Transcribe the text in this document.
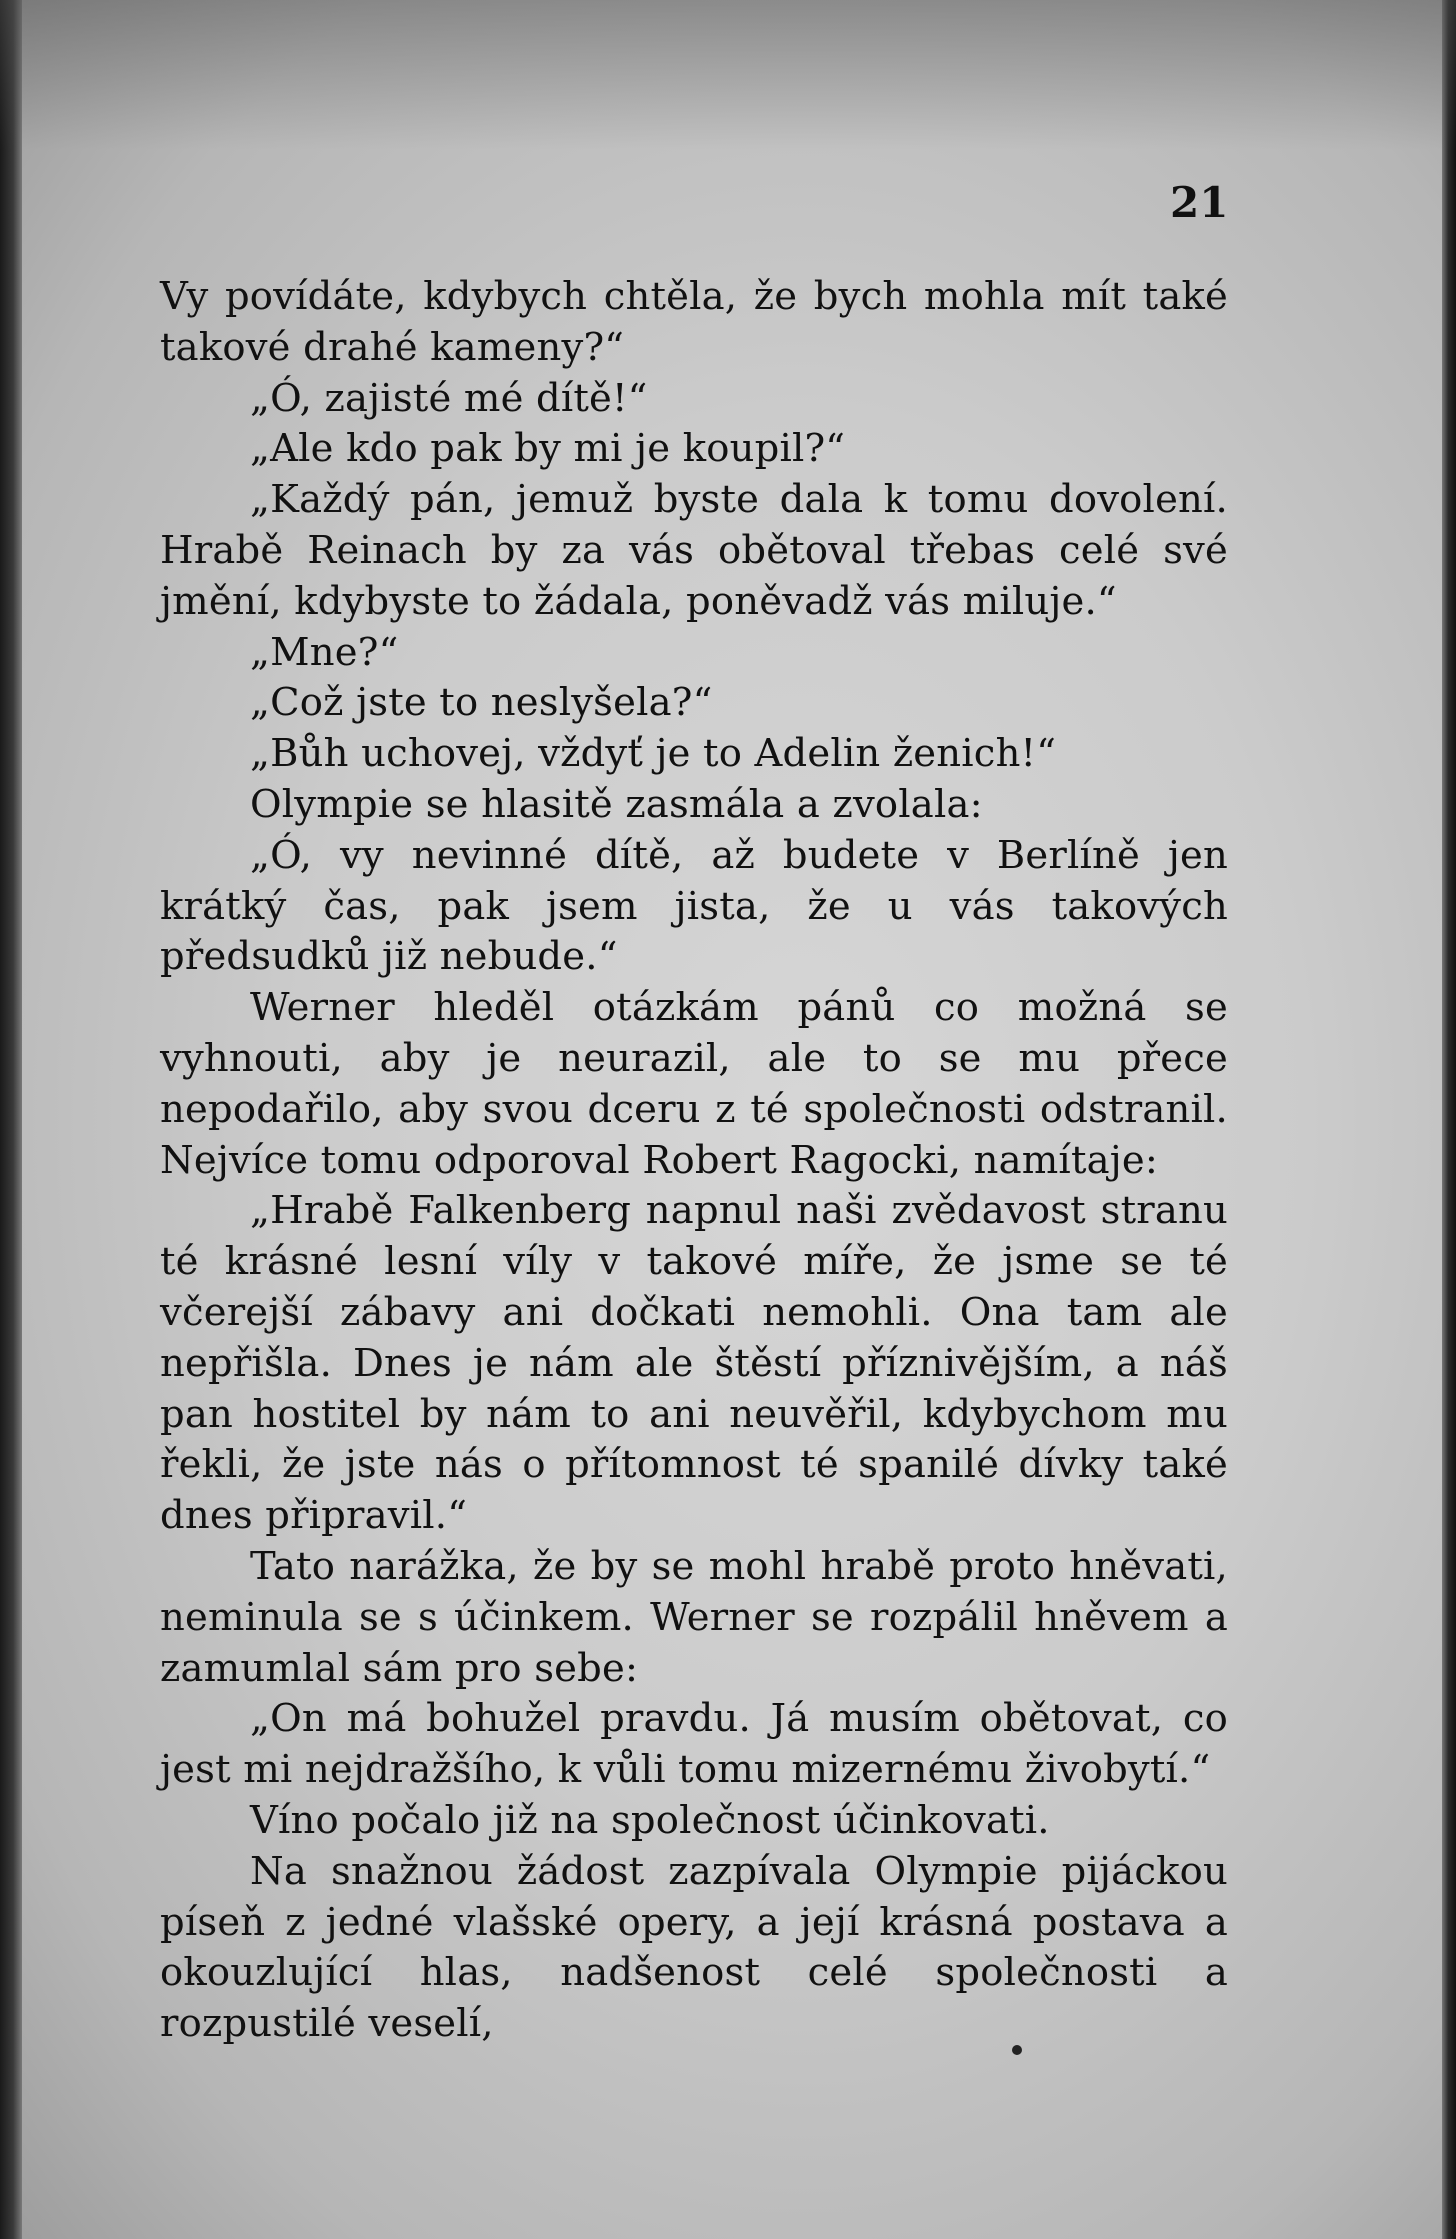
21

Vy povídáte, kdybych chtěla, že bych mohla mít také takové drahé kameny?“

„Ó, zajisté mé dítě!“

„Ale kdo pak by mi je koupil?“

„Každý pán, jemuž byste dala k tomu dovolení. Hrabě Reinach by za vás obětoval třebas celé své jmění, kdybyste to žádala, poněvadž vás miluje.“

„Mne?“

„Což jste to neslyšela?“

„Bůh uchovej, vždyť je to Adelin ženich!“

Olympie se hlasitě zasmála a zvolala:

„Ó, vy nevinné dítě, až budete v Berlíně jen krátký čas, pak jsem jista, že u vás takových předsudků již nebude.“

Werner hleděl otázkám pánů co možná se vyhnouti, aby je neurazil, ale to se mu přece nepodařilo, aby svou dceru z té společnosti odstranil. Nejvíce tomu odporoval Robert Ragocki, namítaje:

„Hrabě Falkenberg napnul naši zvědavost stranu té krásné lesní víly v takové míře, že jsme se té včerejší zábavy ani dočkati nemohli. Ona tam ale nepřišla. Dnes je nám ale štěstí příznivějším, a náš pan hostitel by nám to ani neuvěřil, kdybychom mu řekli, že jste nás o přítomnost té spanilé dívky také dnes připravil.“

Tato narážka, že by se mohl hrabě proto hněvati, neminula se s účinkem. Werner se rozpálil hněvem a zamumlal sám pro sebe:

„On má bohužel pravdu. Já musím obětovat, co jest mi nejdražšího, k vůli tomu mizernému živobytí.“

Víno počalo již na společnost účinkovati.

Na snažnou žádost zazpívala Olympie pijáckou píseň z jedné vlašské opery, a její krásná postava a okouzlující hlas, nadšenost celé společnosti a rozpustilé veselí,
